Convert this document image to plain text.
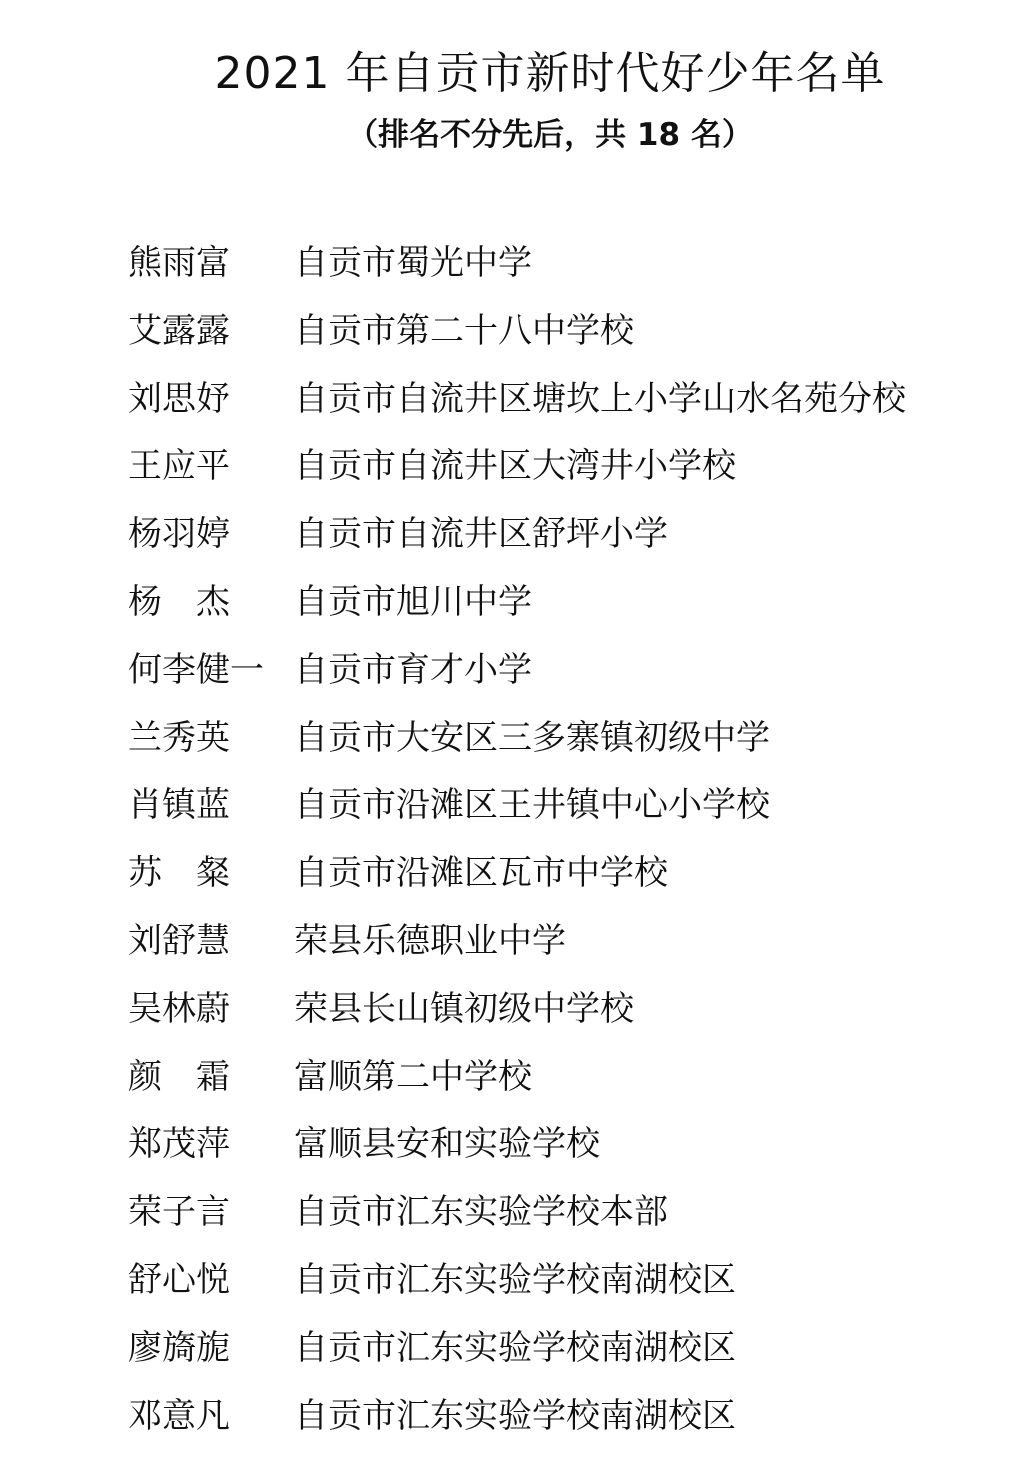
2021 年自贡市新时代好少年名单
（排名不分先后，共 18 名）
熊雨富	自贡市蜀光中学
艾露露	自贡市第二十八中学校
刘思妤	自贡市自流井区塘坎上小学山水名苑分校
王应平	自贡市自流井区大湾井小学校
杨羽婷	自贡市自流井区舒坪小学
杨　杰	自贡市旭川中学
何李健一 自贡市育才小学
兰秀英	自贡市大安区三多寨镇初级中学
肖镇蓝	自贡市沿滩区王井镇中心小学校
苏　粲	自贡市沿滩区瓦市中学校
刘舒慧	荣县乐德职业中学
吴林蔚	荣县长山镇初级中学校
颜　霜	富顺第二中学校
郑茂萍	富顺县安和实验学校
荣子言	自贡市汇东实验学校本部
舒心悦	自贡市汇东实验学校南湖校区
廖旖旎	自贡市汇东实验学校南湖校区
邓意凡	自贡市汇东实验学校南湖校区
